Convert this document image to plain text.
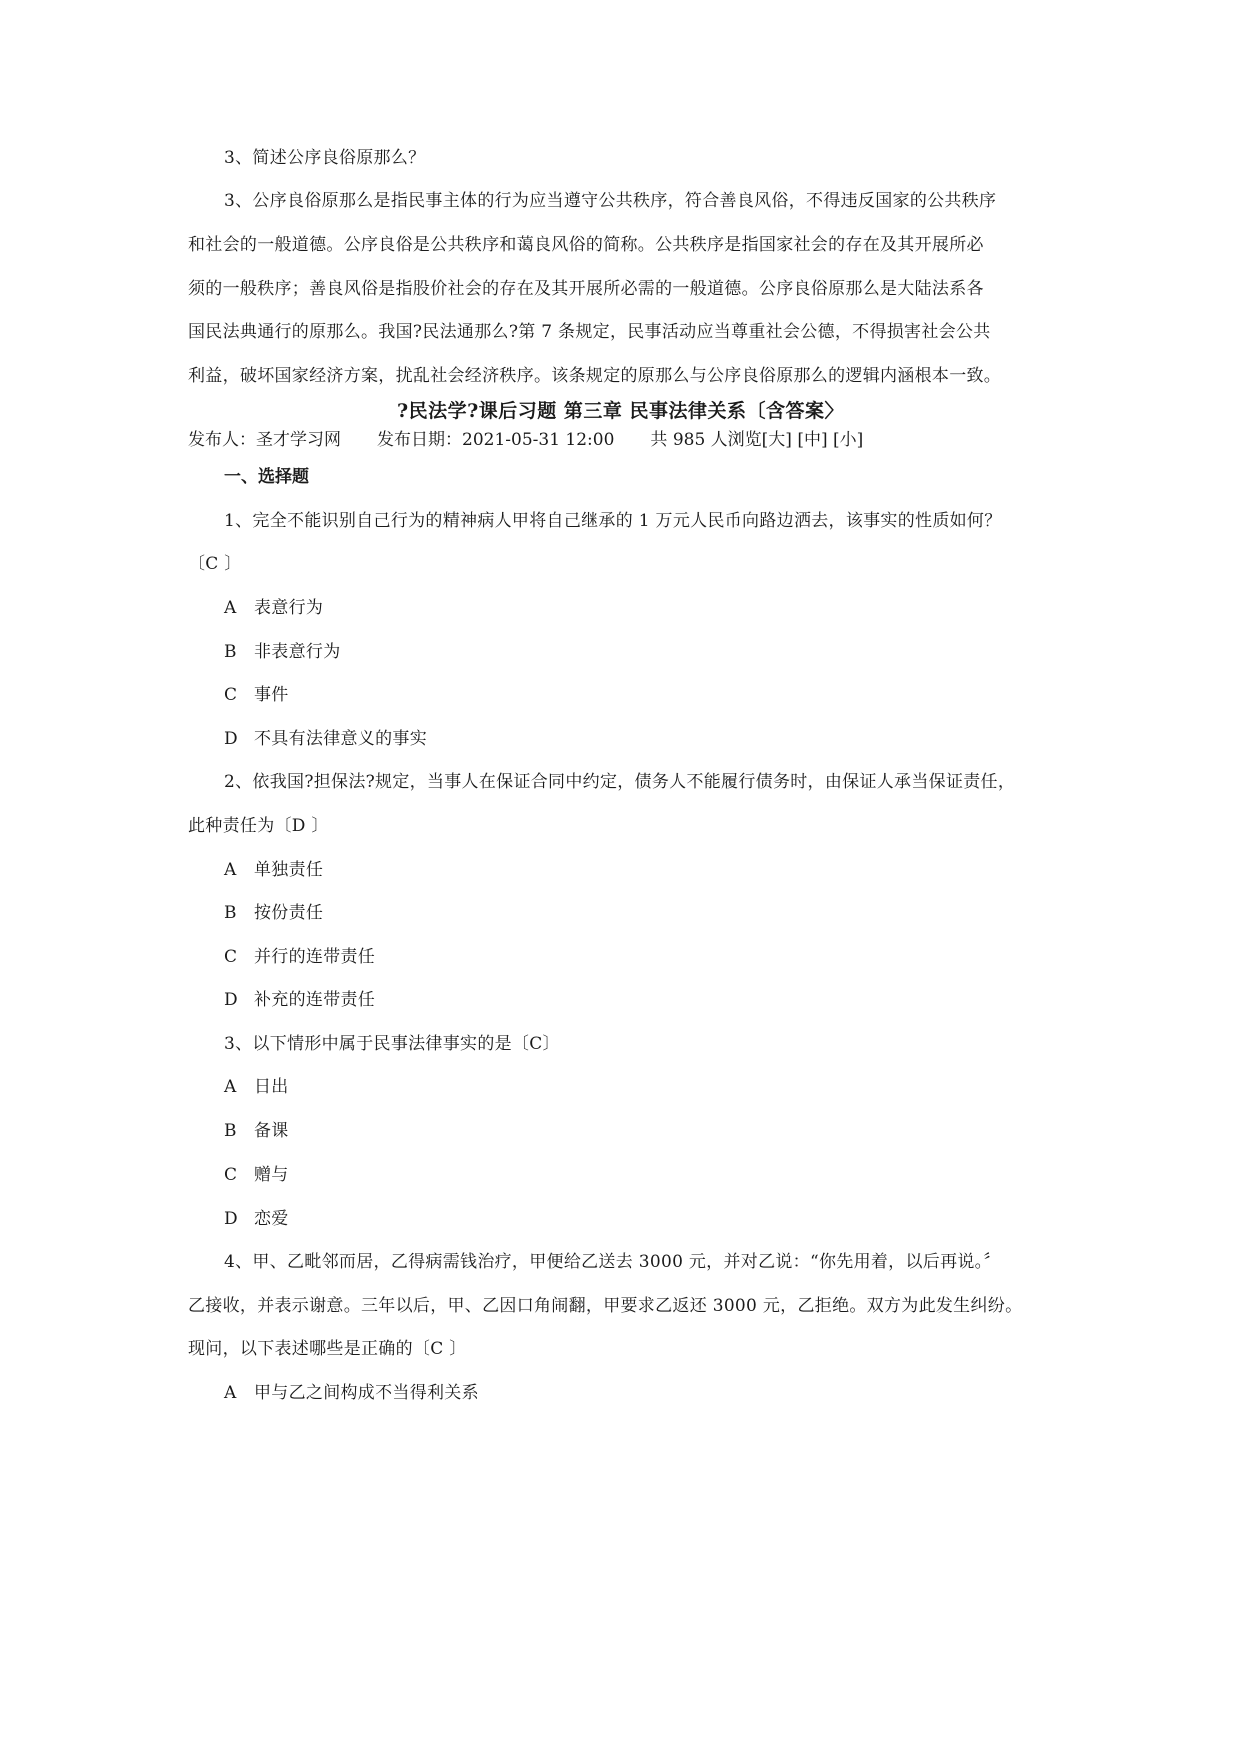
3、简述公序良俗原那么？
3、公序良俗原那么是指民事主体的行为应当遵守公共秩序，符合善良风俗，不得违反国家的公共秩序
和社会的一般道德。公序良俗是公共秩序和蔼良风俗的简称。公共秩序是指国家社会的存在及其开展所必
须的一般秩序；善良风俗是指股价社会的存在及其开展所必需的一般道德。公序良俗原那么是大陆法系各
国民法典通行的原那么。我国?民法通那么?第 7 条规定，民事活动应当尊重社会公德，不得损害社会公共
利益，破坏国家经济方案，扰乱社会经济秩序。该条规定的原那么与公序良俗原那么的逻辑内涵根本一致。
?民法学?课后习题 第三章 民事法律关系〔含答案〉
发布人：圣才学习网 发布日期：2021-05-31 12:00 共 985 人浏览[大] [中] [小]
一、选择题
1、完全不能识别自己行为的精神病人甲将自己继承的 1 万元人民币向路边洒去，该事实的性质如何？
〔C 〕
A 表意行为
B 非表意行为
C 事件
D 不具有法律意义的事实
2、依我国?担保法?规定，当事人在保证合同中约定，债务人不能履行债务时，由保证人承当保证责任，
此种责任为〔D 〕
A 单独责任
B 按份责任
C 并行的连带责任
D 补充的连带责任
3、以下情形中属于民事法律事实的是〔C〕
A 日出
B 备课
C 赠与
D 恋爱
4、甲、乙毗邻而居，乙得病需钱治疗，甲便给乙送去 3000 元，并对乙说：“你先用着，以后再说。〞
乙接收，并表示谢意。三年以后，甲、乙因口角闹翻，甲要求乙返还 3000 元，乙拒绝。双方为此发生纠纷。
现问，以下表述哪些是正确的〔C 〕
A 甲与乙之间构成不当得利关系
